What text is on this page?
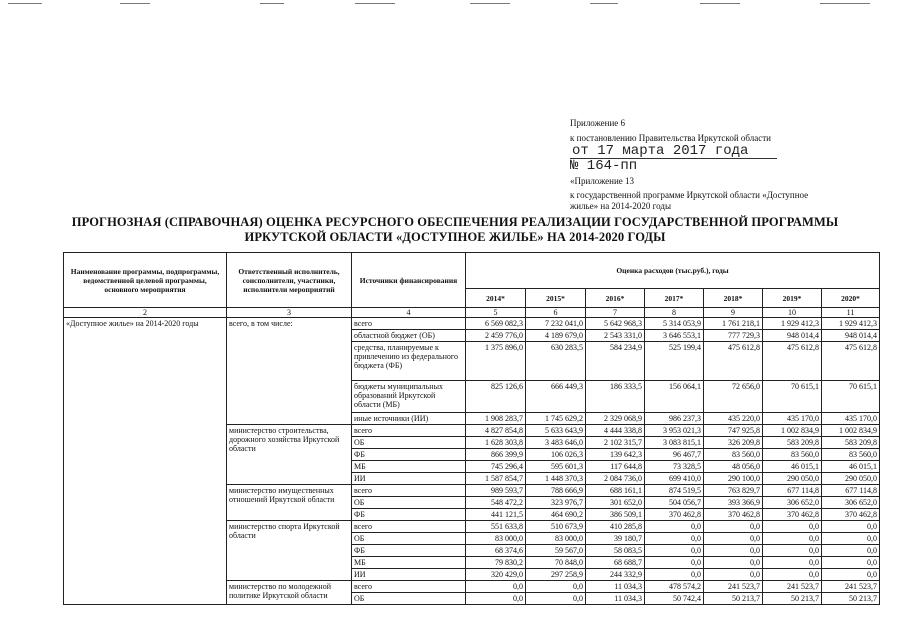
Приложение 6
к постановлению Правительства Иркутской области
от 17 марта 2017 года
№ 164-пп
«Приложение 13
к государственной программе Иркутской области «Доступное
жилье» на 2014-2020 годы
ПРОГНОЗНАЯ (СПРАВОЧНАЯ) ОЦЕНКА РЕСУРСНОГО ОБЕСПЕЧЕНИЯ РЕАЛИЗАЦИИ ГОСУДАРСТВЕННОЙ ПРОГРАММЫ
ИРКУТСКОЙ ОБЛАСТИ «ДОСТУПНОЕ ЖИЛЬЕ» НА 2014-2020 ГОДЫ
Наименование программы, подпрограммы, ведомственной целевой программы, основного мероприятия	Ответственный исполнитель, соисполнители, участники, исполнители мероприятий	Источники финансирования	Оценка расходов (тыс.руб.), годы						
			2014*	2015*	2016*	2017*	2018*	2019*	2020*
2	3	4	5	6	7	8	9	10	11
«Доступное жилье» на 2014-2020 годы	всего, в том числе:	всего	6 569 082,3	7 232 041,0	5 642 968,3	5 314 053,9	1 761 218,1	1 929 412,3	1 929 412,3
		областной бюджет (ОБ)	2 459 776,0	4 189 679,0	2 543 331,0	3 646 553,1	777 729,3	948 014,4	948 014,4
		средства, планируемые к привлечению из федерального бюджета (ФБ)	1 375 896,0	630 283,5	584 234,9	525 199,4	475 612,8	475 612,8	475 612,8
		бюджеты муниципальных образований Иркутской области (МБ)	825 126,6	666 449,3	186 333,5	156 064,1	72 656,0	70 615,1	70 615,1
		иные источники (ИИ)	1 908 283,7	1 745 629,2	2 329 068,9	986 237,3	435 220,0	435 170,0	435 170,0
	министерство строительства, дорожного хозяйства Иркутской области	всего	4 827 854,8	5 633 643,9	4 444 338,8	3 953 021,3	747 925,8	1 002 834,9	1 002 834,9
		ОБ	1 628 303,8	3 483 646,0	2 102 315,7	3 083 815,1	326 209,8	583 209,8	583 209,8
		ФБ	866 399,9	106 026,3	139 642,3	96 467,7	83 560,0	83 560,0	83 560,0
		МБ	745 296,4	595 601,3	117 644,8	73 328,5	48 056,0	46 015,1	46 015,1
		ИИ	1 587 854,7	1 448 370,3	2 084 736,0	699 410,0	290 100,0	290 050,0	290 050,0
	министерство имущественных отношений Иркутской области	всего	989 593,7	788 666,9	688 161,1	874 519,5	763 829,7	677 114,8	677 114,8
		ОБ	548 472,2	323 976,7	301 652,0	504 056,7	393 366,9	306 652,0	306 652,0
		ФБ	441 121,5	464 690,2	386 509,1	370 462,8	370 462,8	370 462,8	370 462,8
	министерство спорта Иркутской области	всего	551 633,8	510 673,9	410 285,8	0,0	0,0	0,0	0,0
		ОБ	83 000,0	83 000,0	39 180,7	0,0	0,0	0,0	0,0
		ФБ	68 374,6	59 567,0	58 083,5	0,0	0,0	0,0	0,0
		МБ	79 830,2	70 848,0	68 688,7	0,0	0,0	0,0	0,0
		ИИ	320 429,0	297 258,9	244 332,9	0,0	0,0	0,0	0,0
	министерство по молодежной политике Иркутской области	всего	0,0	0,0	11 034,3	478 574,2	241 523,7	241 523,7	241 523,7
		ОБ	0,0	0,0	11 034,3	50 742,4	50 213,7	50 213,7	50 213,7
